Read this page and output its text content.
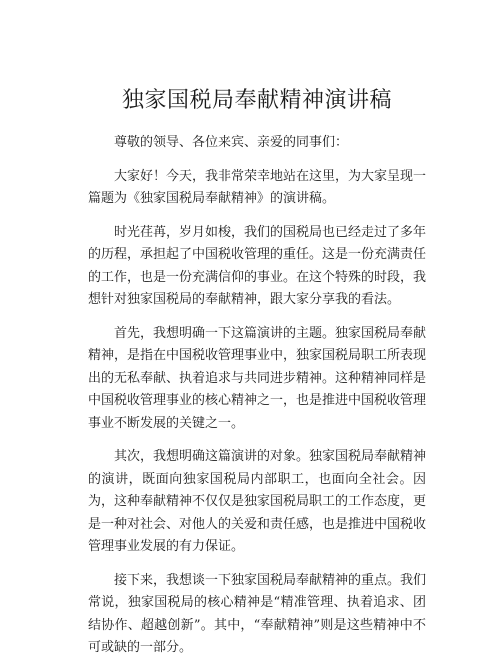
独家国税局奉献精神演讲稿

尊敬的领导、各位来宾、亲爱的同事们：

大家好！今天，我非常荣幸地站在这里，为大家呈现一篇题为《独家国税局奉献精神》的演讲稿。

时光荏苒，岁月如梭，我们的国税局也已经走过了多年的历程，承担起了中国税收管理的重任。这是一份充满责任的工作，也是一份充满信仰的事业。在这个特殊的时段，我想针对独家国税局的奉献精神，跟大家分享我的看法。

首先，我想明确一下这篇演讲的主题。独家国税局奉献精神，是指在中国税收管理事业中，独家国税局职工所表现出的无私奉献、执着追求与共同进步精神。这种精神同样是中国税收管理事业的核心精神之一，也是推进中国税收管理事业不断发展的关键之一。

其次，我想明确这篇演讲的对象。独家国税局奉献精神的演讲，既面向独家国税局内部职工，也面向全社会。因为，这种奉献精神不仅仅是独家国税局职工的工作态度，更是一种对社会、对他人的关爱和责任感，也是推进中国税收管理事业发展的有力保证。

接下来，我想谈一下独家国税局奉献精神的重点。我们常说，独家国税局的核心精神是“精准管理、执着追求、团结协作、超越创新”。其中，“奉献精神”则是这些精神中不可或缺的一部分。
